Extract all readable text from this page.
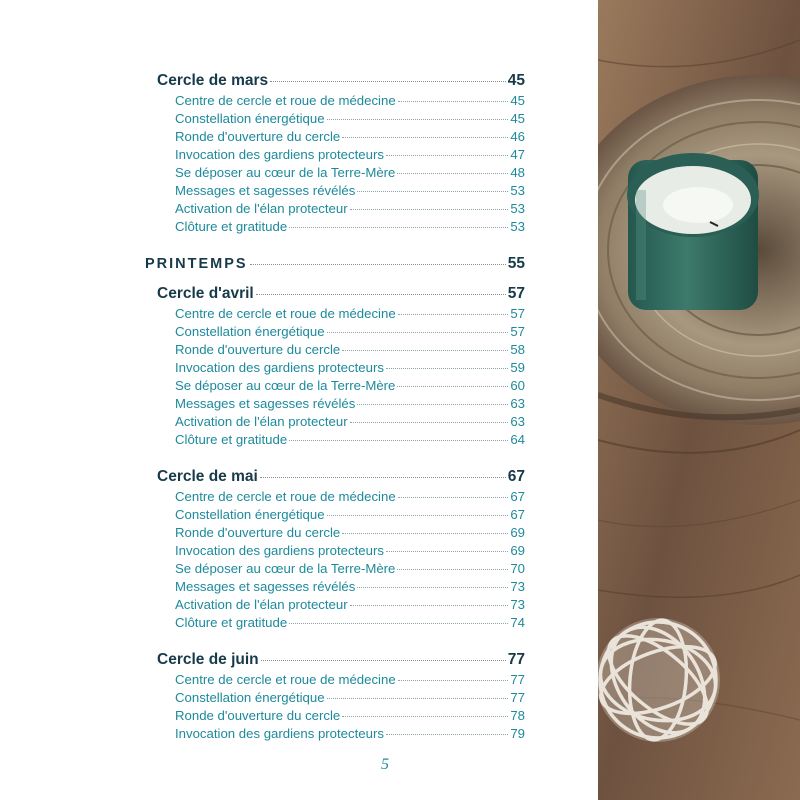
Cercle de mars	45
Centre de cercle et roue de médecine	45
Constellation énergétique	45
Ronde d'ouverture du cercle	46
Invocation des gardiens protecteurs	47
Se déposer au cœur de la Terre-Mère	48
Messages et sagesses révélés	53
Activation de l'élan protecteur	53
Clôture et gratitude	53
PRINTEMPS	55
Cercle d'avril	57
Centre de cercle et roue de médecine	57
Constellation énergétique	57
Ronde d'ouverture du cercle	58
Invocation des gardiens protecteurs	59
Se déposer au cœur de la Terre-Mère	60
Messages et sagesses révélés	63
Activation de l'élan protecteur	63
Clôture et gratitude	64
Cercle de mai	67
Centre de cercle et roue de médecine	67
Constellation énergétique	67
Ronde d'ouverture du cercle	69
Invocation des gardiens protecteurs	69
Se déposer au cœur de la Terre-Mère	70
Messages et sagesses révélés	73
Activation de l'élan protecteur	73
Clôture et gratitude	74
Cercle de juin	77
Centre de cercle et roue de médecine	77
Constellation énergétique	77
Ronde d'ouverture du cercle	78
Invocation des gardiens protecteurs	79
5
